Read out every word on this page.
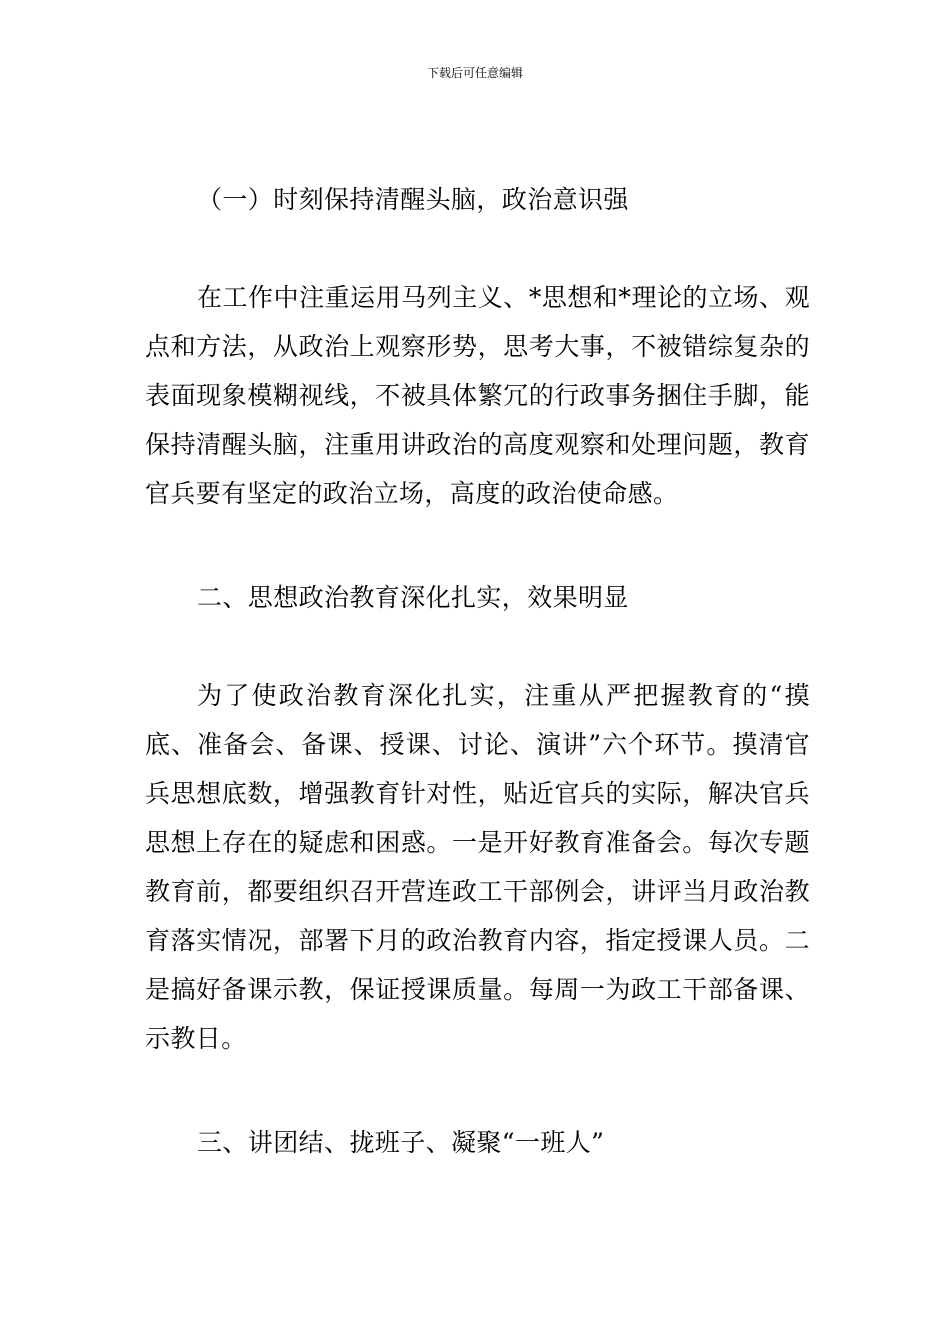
下载后可任意编辑
（一）时刻保持清醒头脑，政治意识强
在工作中注重运用马列主义、*思想和*理论的立场、观点和方法，从政治上观察形势，思考大事，不被错综复杂的表面现象模糊视线，不被具体繁冗的行政事务捆住手脚，能保持清醒头脑，注重用讲政治的高度观察和处理问题，教育官兵要有坚定的政治立场，高度的政治使命感。
二、思想政治教育深化扎实，效果明显
为了使政治教育深化扎实，注重从严把握教育的“摸底、准备会、备课、授课、讨论、演讲”六个环节。摸清官兵思想底数，增强教育针对性，贴近官兵的实际，解决官兵思想上存在的疑虑和困惑。一是开好教育准备会。每次专题教育前，都要组织召开营连政工干部例会，讲评当月政治教育落实情况，部署下月的政治教育内容，指定授课人员。二是搞好备课示教，保证授课质量。每周一为政工干部备课、示教日。
三、讲团结、拢班子、凝聚“一班人”
